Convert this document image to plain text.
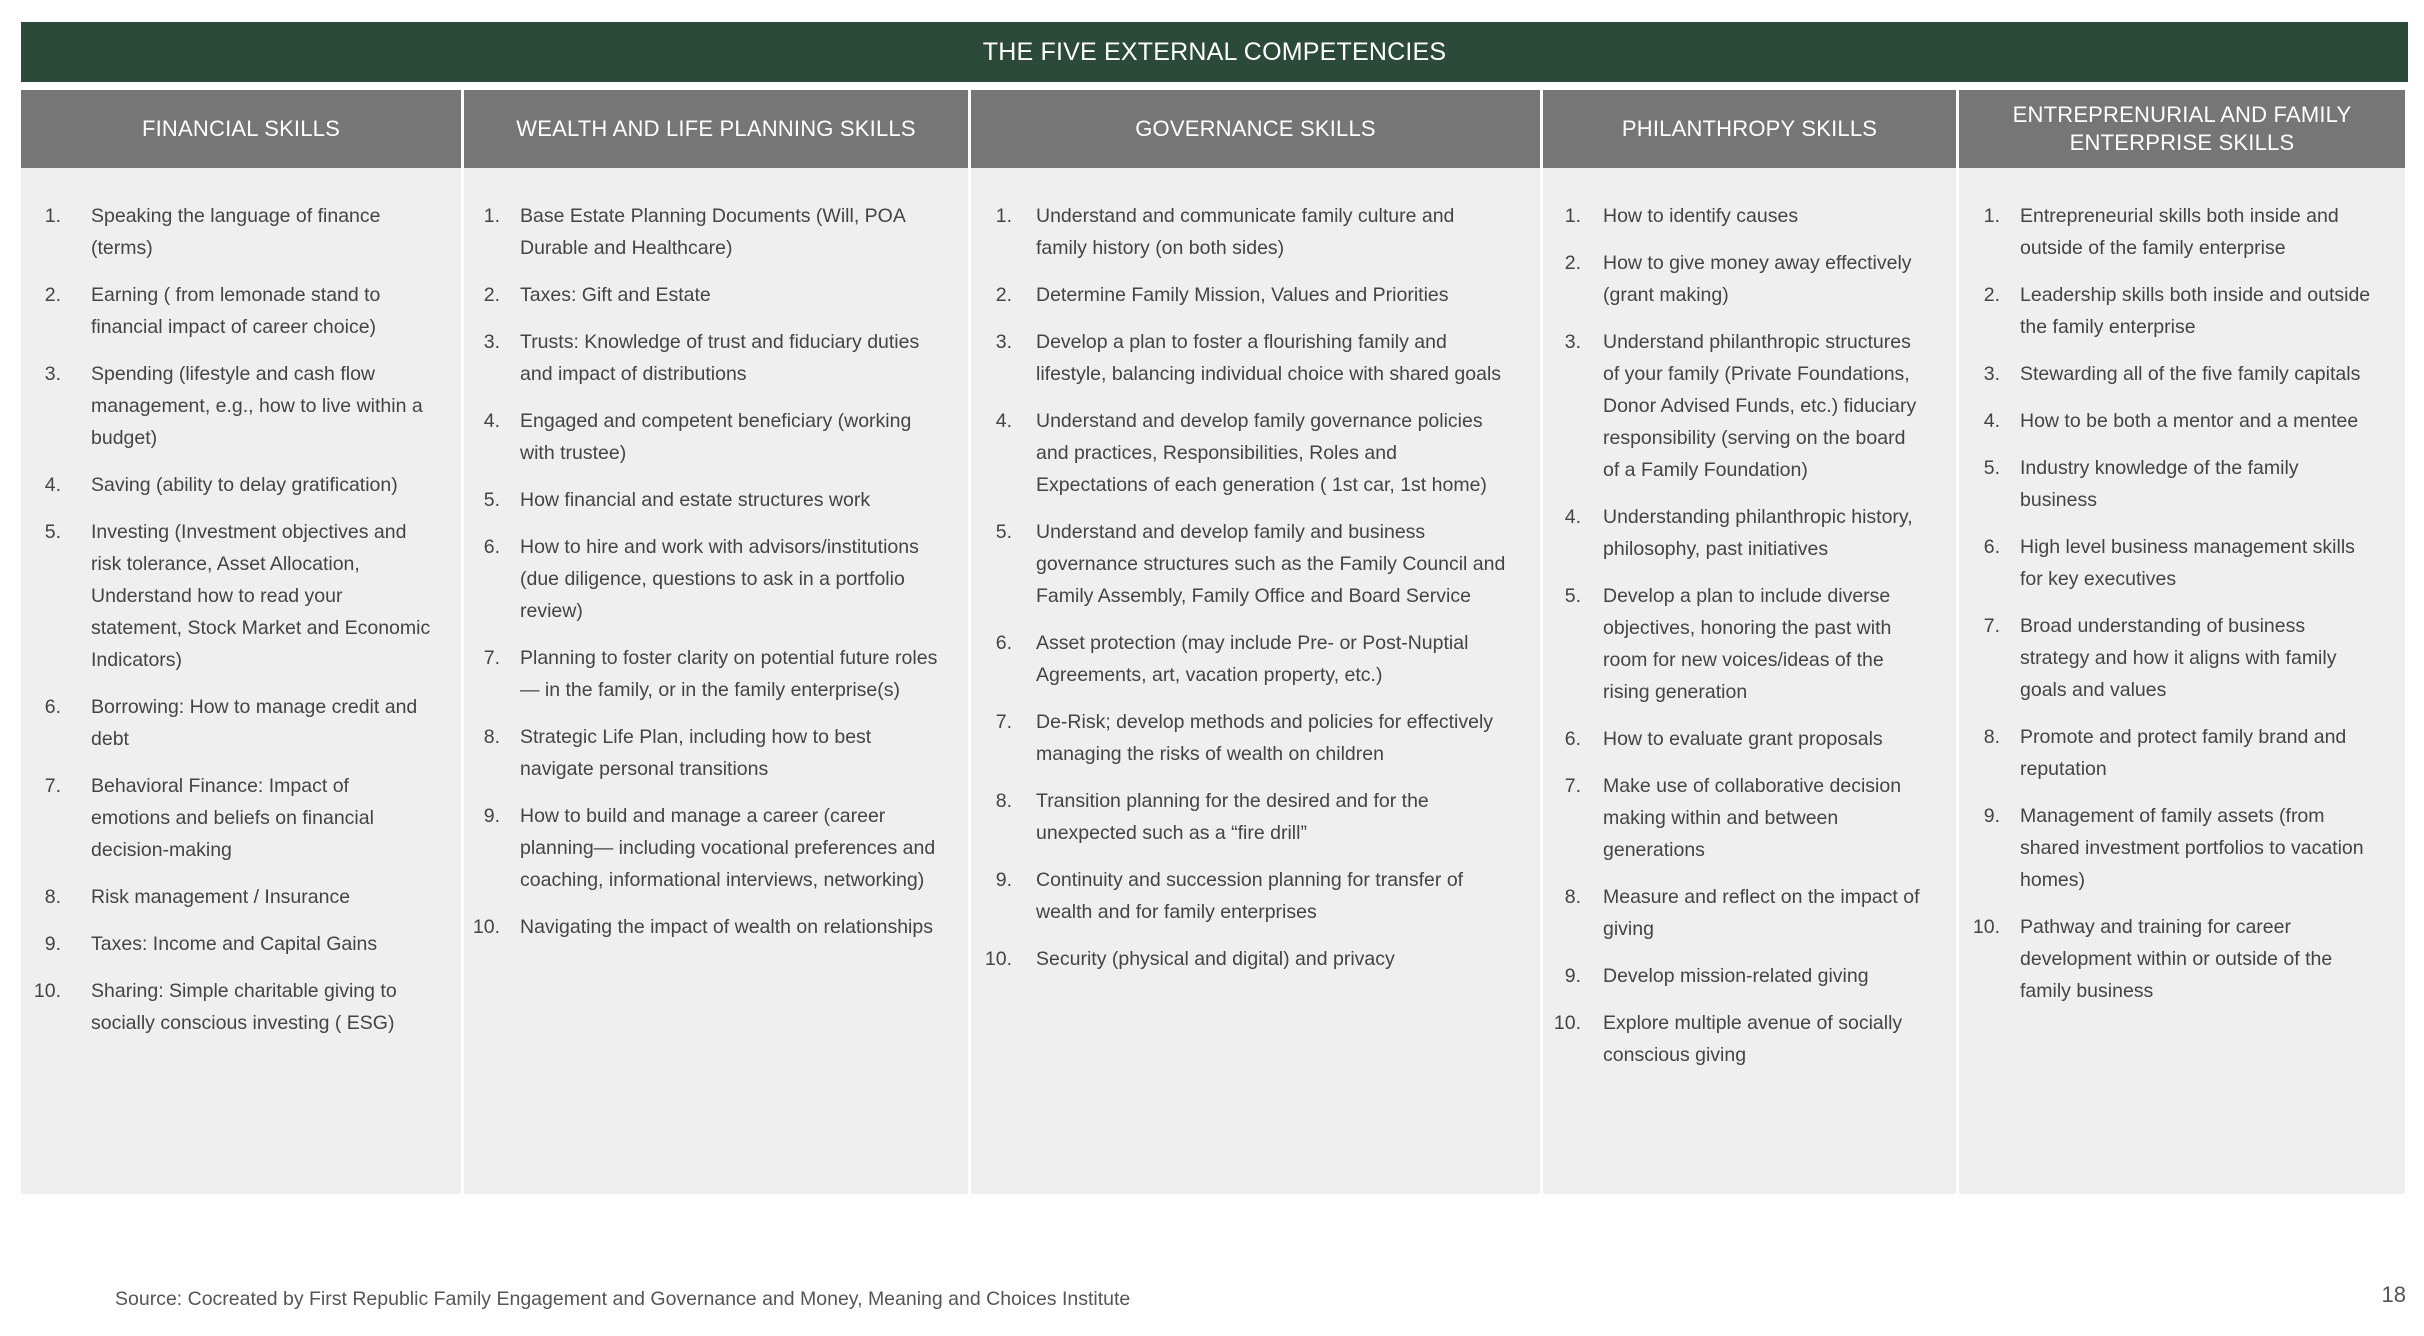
THE FIVE EXTERNAL COMPETENCIES
FINANCIAL SKILLS
1. Speaking the language of finance (terms)
2. Earning ( from lemonade stand to financial impact of career choice)
3. Spending (lifestyle and cash flow management, e.g., how to live within a budget)
4. Saving (ability to delay gratification)
5. Investing (Investment objectives and risk tolerance, Asset Allocation, Understand how to read your statement, Stock Market and Economic Indicators)
6. Borrowing: How to manage credit and debt
7. Behavioral Finance: Impact of emotions and beliefs on financial decision-making
8. Risk management / Insurance
9. Taxes: Income and Capital Gains
10. Sharing: Simple charitable giving to socially conscious investing ( ESG)
WEALTH AND LIFE PLANNING SKILLS
1. Base Estate Planning Documents (Will, POA Durable and Healthcare)
2. Taxes: Gift and Estate
3. Trusts: Knowledge of trust and fiduciary duties and impact of distributions
4. Engaged and competent beneficiary (working with trustee)
5. How financial and estate structures work
6. How to hire and work with advisors/institutions (due diligence, questions to ask in a portfolio review)
7. Planning to foster clarity on potential future roles — in the family, or in the family enterprise(s)
8. Strategic Life Plan, including how to best navigate personal transitions
9. How to build and manage a career (career planning— including vocational preferences and coaching, informational interviews, networking)
10. Navigating the impact of wealth on relationships
GOVERNANCE SKILLS
1. Understand and communicate family culture and family history (on both sides)
2. Determine Family Mission, Values and Priorities
3. Develop a plan to foster a flourishing family and lifestyle, balancing individual choice with shared goals
4. Understand and develop family governance policies and practices, Responsibilities, Roles and Expectations of each generation ( 1st car, 1st home)
5. Understand and develop family and business governance structures such as the Family Council and Family Assembly, Family Office and Board Service
6. Asset protection (may include Pre- or Post-Nuptial Agreements, art, vacation property, etc.)
7. De-Risk; develop methods and policies for effectively managing the risks of wealth on children
8. Transition planning for the desired and for the unexpected such as a “fire drill”
9. Continuity and succession planning for transfer of wealth and for family enterprises
10. Security (physical and digital) and privacy
PHILANTHROPY SKILLS
1. How to identify causes
2. How to give money away effectively (grant making)
3. Understand philanthropic structures of your family (Private Foundations, Donor Advised Funds, etc.) fiduciary responsibility (serving on the board of a Family Foundation)
4. Understanding philanthropic history, philosophy, past initiatives
5. Develop a plan to include diverse objectives, honoring the past with room for new voices/ideas of the rising generation
6. How to evaluate grant proposals
7. Make use of collaborative decision making within and between generations
8. Measure and reflect on the impact of giving
9. Develop mission-related giving
10. Explore multiple avenue of socially conscious giving
ENTREPRENURIAL AND FAMILY ENTERPRISE SKILLS
1. Entrepreneurial skills both inside and outside of the family enterprise
2. Leadership skills both inside and outside the family enterprise
3. Stewarding all of the five family capitals
4. How to be both a mentor and a mentee
5. Industry knowledge of the family business
6. High level business management skills for key executives
7. Broad understanding of business strategy and how it aligns with family goals and values
8. Promote and protect family brand and reputation
9. Management of family assets (from shared investment portfolios to vacation homes)
10. Pathway and training for career development within or outside of the family business
Source: Cocreated by First Republic Family Engagement and Governance and Money, Meaning and Choices Institute	18
